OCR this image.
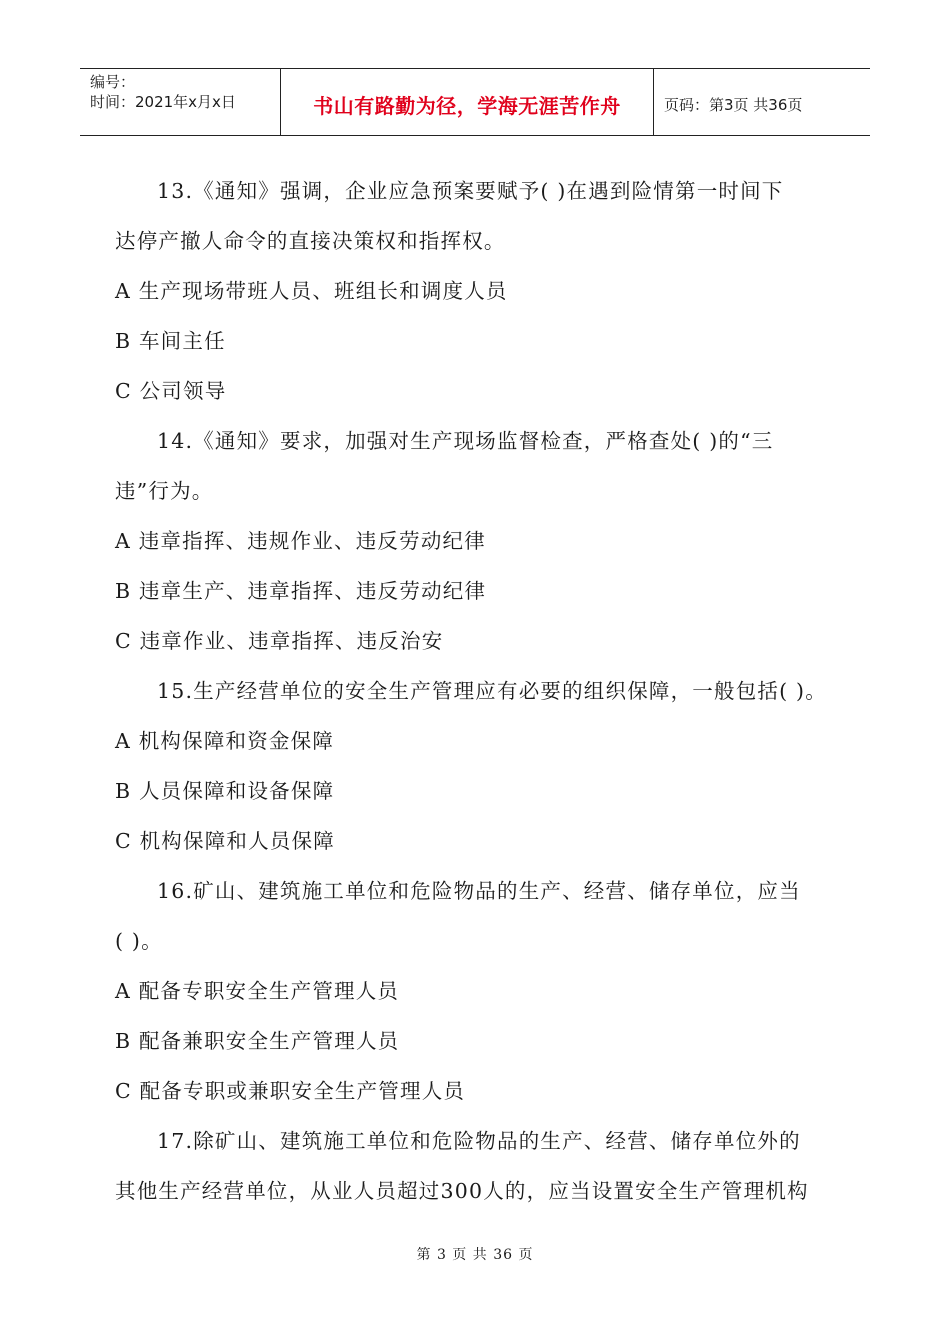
编号：
时间：2021年x月x日	书山有路勤为径，学海无涯苦作舟	页码：第3页 共36页

13.《通知》强调，企业应急预案要赋予( )在遇到险情第一时间下

达停产撤人命令的直接决策权和指挥权。

A 生产现场带班人员、班组长和调度人员

B 车间主任

C 公司领导

14.《通知》要求，加强对生产现场监督检查，严格查处( )的“三

违”行为。

A 违章指挥、违规作业、违反劳动纪律

B 违章生产、违章指挥、违反劳动纪律

C 违章作业、违章指挥、违反治安

15.生产经营单位的安全生产管理应有必要的组织保障，一般包括( )。

A 机构保障和资金保障

B 人员保障和设备保障

C 机构保障和人员保障

16.矿山、建筑施工单位和危险物品的生产、经营、储存单位，应当

( )。

A 配备专职安全生产管理人员

B 配备兼职安全生产管理人员

C 配备专职或兼职安全生产管理人员

17.除矿山、建筑施工单位和危险物品的生产、经营、储存单位外的

其他生产经营单位，从业人员超过300人的，应当设置安全生产管理机构

第 3 页 共 36 页
